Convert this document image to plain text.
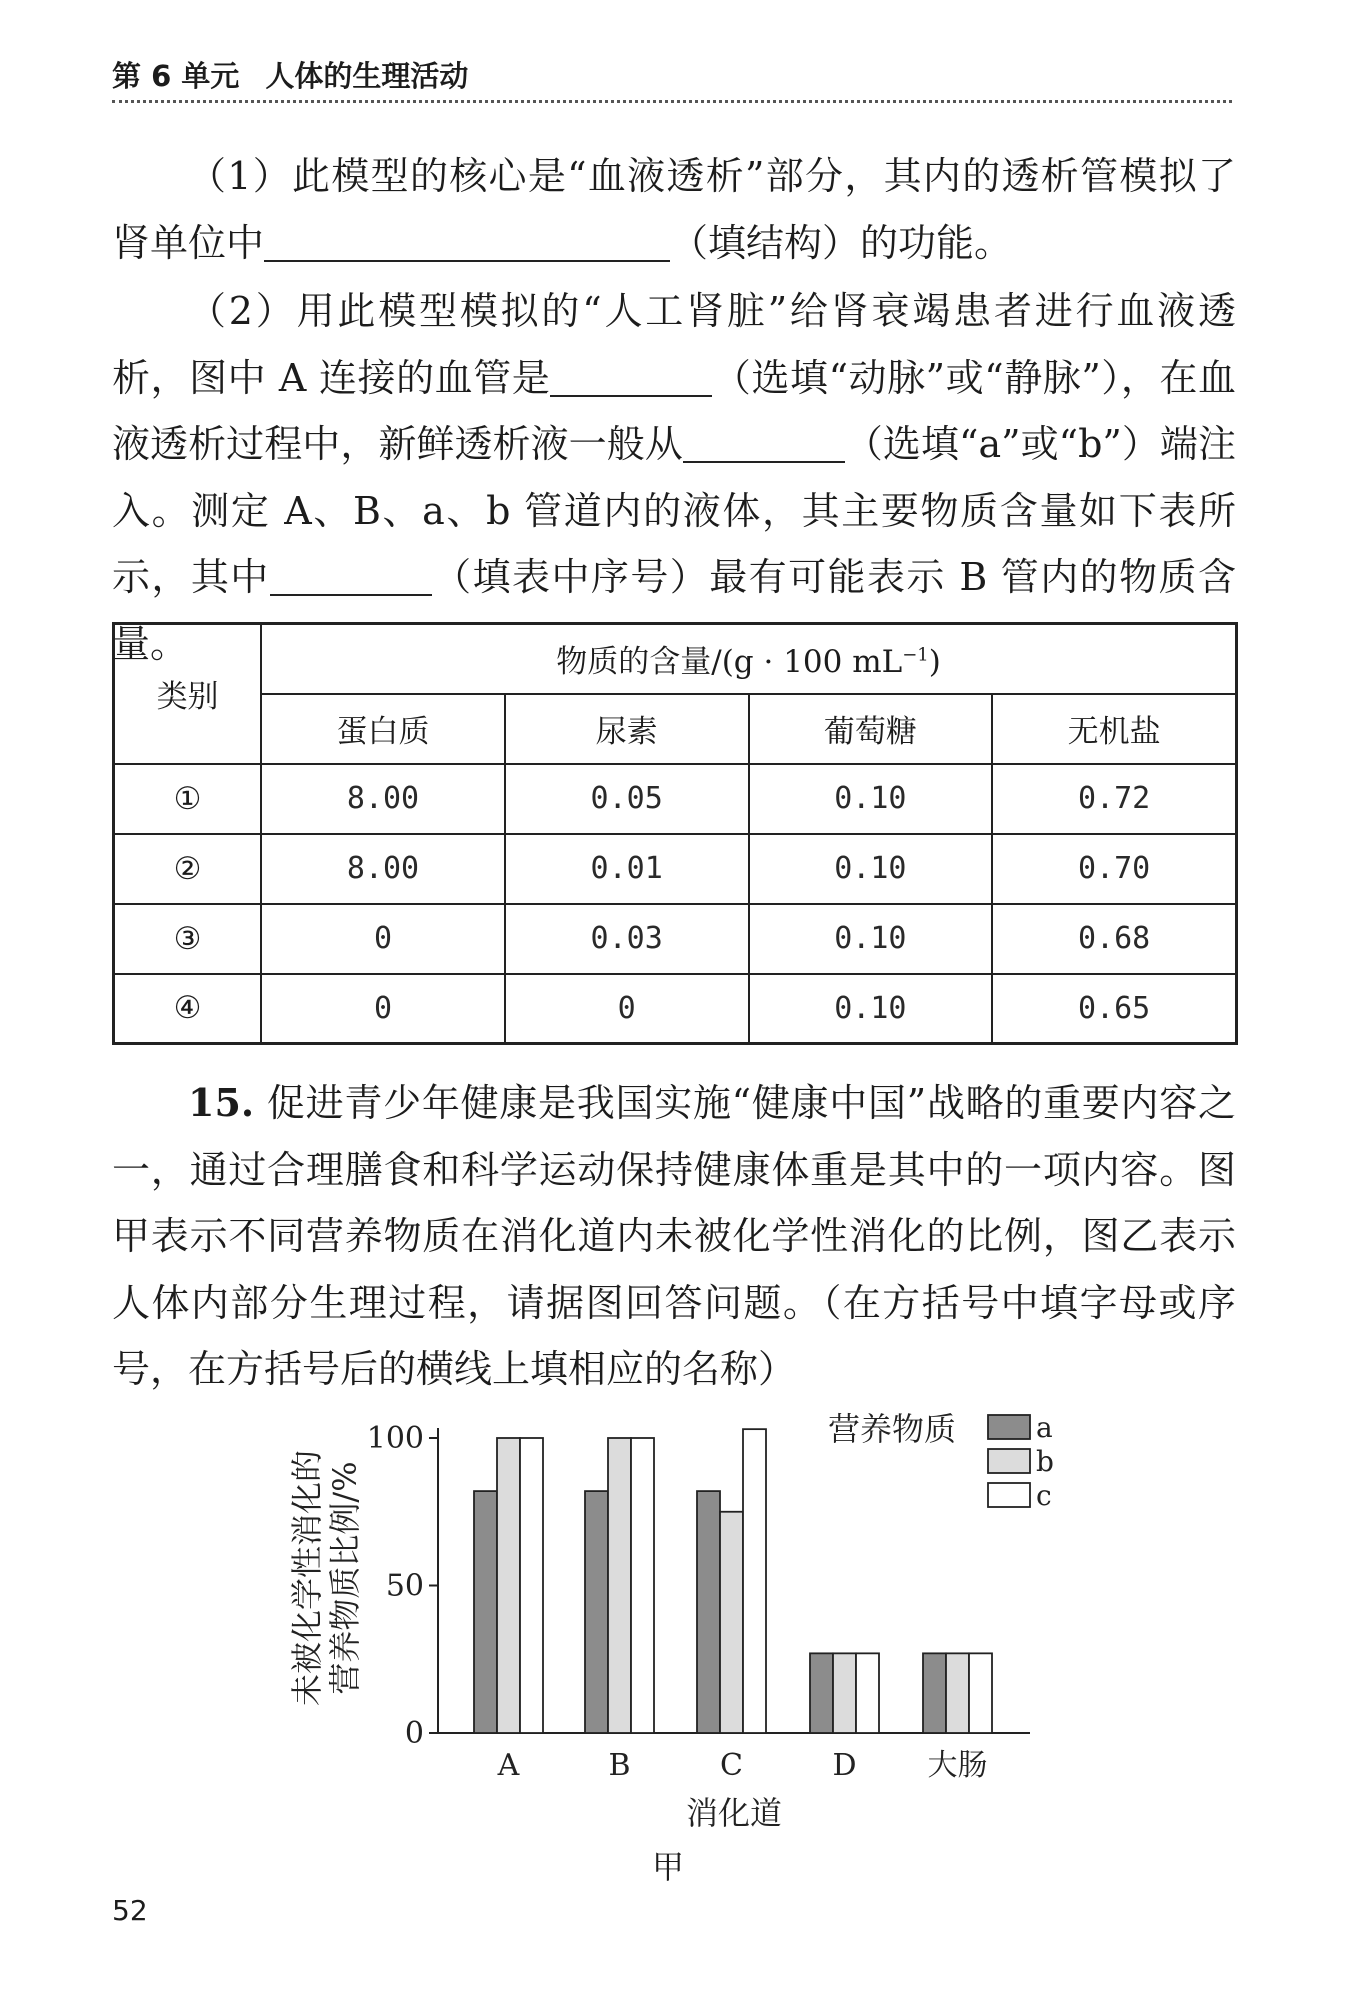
第 6 单元 人体的生理活动
（1）此模型的核心是“血液透析”部分，其内的透析管模拟了肾单位中	（填结构）的功能。
（2）用此模型模拟的“人工肾脏”给肾衰竭患者进行血液透析，图中 A 连接的血管是	（选填“动脉”或“静脉”），在血液透析过程中，新鲜透析液一般从	（选填“a”或“b”）端注入。测定 A、B、a、b 管道内的液体，其主要物质含量如下表所示，其中	（填表中序号）最有可能表示 B 管内的物质含量。
类别	物质的含量/(g · 100 $mL^{-1}$)			
	蛋白质	尿素	葡萄糖	无机盐
①	8.00	0.05	0.10	0.72
②	8.00	0.01	0.10	0.70
③	0	0.03	0.10	0.68
④	0	0	0.10	0.65
15. 促进青少年健康是我国实施“健康中国”战略的重要内容之一，通过合理膳食和科学运动保持健康体重是其中的一项内容。图甲表示不同营养物质在消化道内未被化学性消化的比例，图乙表示人体内部分生理过程，请据图回答问题。（在方括号中填字母或序号，在方括号后的横线上填相应的名称）
0
50
100
A	B	C	D 大肠
消化道
未被化学性消化的 营养物质比例/%
营养物质	a
b
c
甲
52
